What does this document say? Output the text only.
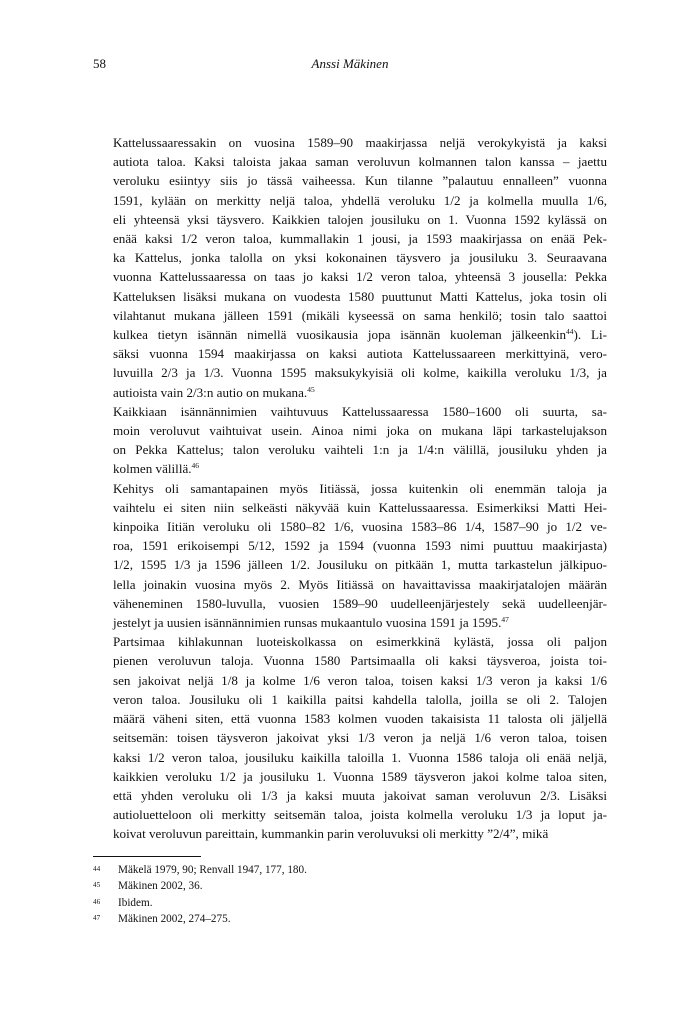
58	Anssi Mäkinen

Kattelussaaressakin on vuosina 1589–90 maakirjassa neljä verokykyistä ja kaksi
autiota taloa. Kaksi taloista jakaa saman veroluvun kolmannen talon kanssa – jaettu
veroluku esiintyy siis jo tässä vaiheessa. Kun tilanne ”palautuu ennalleen” vuonna
1591, kylään on merkitty neljä taloa, yhdellä veroluku 1/2 ja kolmella muulla 1/6,
eli yhteensä yksi täysvero. Kaikkien talojen jousiluku on 1. Vuonna 1592 kylässä on
enää kaksi 1/2 veron taloa, kummallakin 1 jousi, ja 1593 maakirjassa on enää Pek-
ka Kattelus, jonka talolla on yksi kokonainen täysvero ja jousiluku 3. Seuraavana
vuonna Kattelussaaressa on taas jo kaksi 1/2 veron taloa, yhteensä 3 jousella: Pekka
Katteluksen lisäksi mukana on vuodesta 1580 puuttunut Matti Kattelus, joka tosin oli
vilahtanut mukana jälleen 1591 (mikäli kyseessä on sama henkilö; tosin talo saattoi
kulkea tietyn isännän nimellä vuosikausia jopa isännän kuoleman jälkeenkin$^{44}$). Li-
säksi vuonna 1594 maakirjassa on kaksi autiota Kattelussaareen merkittyinä, vero-
luvuilla 2/3 ja 1/3. Vuonna 1595 maksukykyisiä oli kolme, kaikilla veroluku 1/3, ja
autioista vain 2/3:n autio on mukana.$^{45}$

Kaikkiaan isännännimien vaihtuvuus Kattelussaaressa 1580–1600 oli suurta, sa-
moin veroluvut vaihtuivat usein. Ainoa nimi joka on mukana läpi tarkastelujakson
on Pekka Kattelus; talon veroluku vaihteli 1:n ja 1/4:n välillä, jousiluku yhden ja
kolmen välillä.$^{46}$

Kehitys oli samantapainen myös Iitiässä, jossa kuitenkin oli enemmän taloja ja
vaihtelu ei siten niin selkeästi näkyvää kuin Kattelussaaressa. Esimerkiksi Matti Hei-
kinpoika Iitiän veroluku oli 1580–82 1/6, vuosina 1583–86 1/4, 1587–90 jo 1/2 ve-
roa, 1591 erikoisempi 5/12, 1592 ja 1594 (vuonna 1593 nimi puuttuu maakirjasta)
1/2, 1595 1/3 ja 1596 jälleen 1/2. Jousiluku on pitkään 1, mutta tarkastelun jälkipuo-
lella joinakin vuosina myös 2. Myös Iitiässä on havaittavissa maakirjatalojen määrän
väheneminen 1580-luvulla, vuosien 1589–90 uudelleenjärjestely sekä uudelleenjär-
jestelyt ja uusien isännännimien runsas mukaantulo vuosina 1591 ja 1595.47

Partsimaa kihlakunnan luoteiskolkassa on esimerkkinä kylästä, jossa oli paljon
pienen veroluvun taloja. Vuonna 1580 Partsimaalla oli kaksi täysveroa, joista toi-
sen jakoivat neljä 1/8 ja kolme 1/6 veron taloa, toisen kaksi 1/3 veron ja kaksi 1/6
veron taloa. Jousiluku oli 1 kaikilla paitsi kahdella talolla, joilla se oli 2. Talojen
määrä väheni siten, että vuonna 1583 kolmen vuoden takaisista 11 talosta oli jäljellä
seitsemän: toisen täysveron jakoivat yksi 1/3 veron ja neljä 1/6 veron taloa, toisen
kaksi 1/2 veron taloa, jousiluku kaikilla taloilla 1. Vuonna 1586 taloja oli enää neljä,
kaikkien veroluku 1/2 ja jousiluku 1. Vuonna 1589 täysveron jakoi kolme taloa siten,
että yhden veroluku oli 1/3 ja kaksi muuta jakoivat saman veroluvun 2/3. Lisäksi
autioluetteloon oli merkitty seitsemän taloa, joista kolmella veroluku 1/3 ja loput ja-
koivat veroluvun pareittain, kummankin parin veroluvuksi oli merkitty ”2/4”, mikä

44 Mäkelä 1979, 90; Renvall 1947, 177, 180.
45 Mäkinen 2002, 36.
46 Ibidem.
47 Mäkinen 2002, 274–275.
